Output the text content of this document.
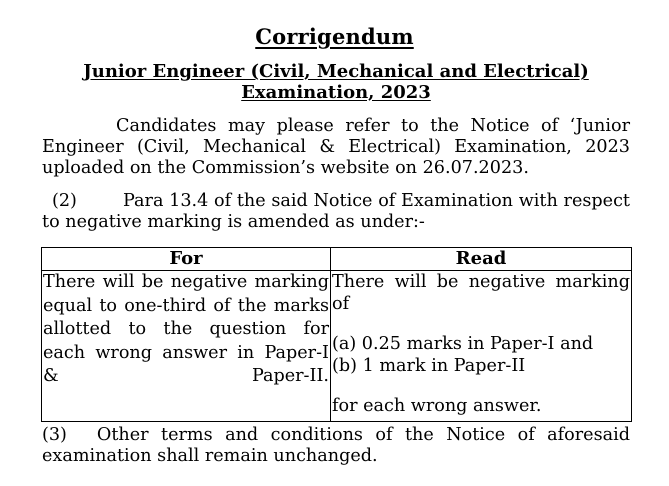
Corrigendum
Junior Engineer (Civil, Mechanical and Electrical)
Examination, 2023
Candidates may please refer to the Notice of ‘Junior Engineer (Civil, Mechanical & Electrical) Examination, 2023 uploaded on the Commission’s website on 26.07.2023.
(2)	Para 13.4 of the said Notice of Examination with respect to negative marking is amended as under:-
For	Read
There will be negative marking equal to one-third of the marks allotted to the question for each wrong answer in Paper-I & Paper-II.	There will be negative marking of
(a) 0.25 marks in Paper-I and
(b) 1 mark in Paper-II
for each wrong answer.
(3) Other terms and conditions of the Notice of aforesaid examination shall remain unchanged.
